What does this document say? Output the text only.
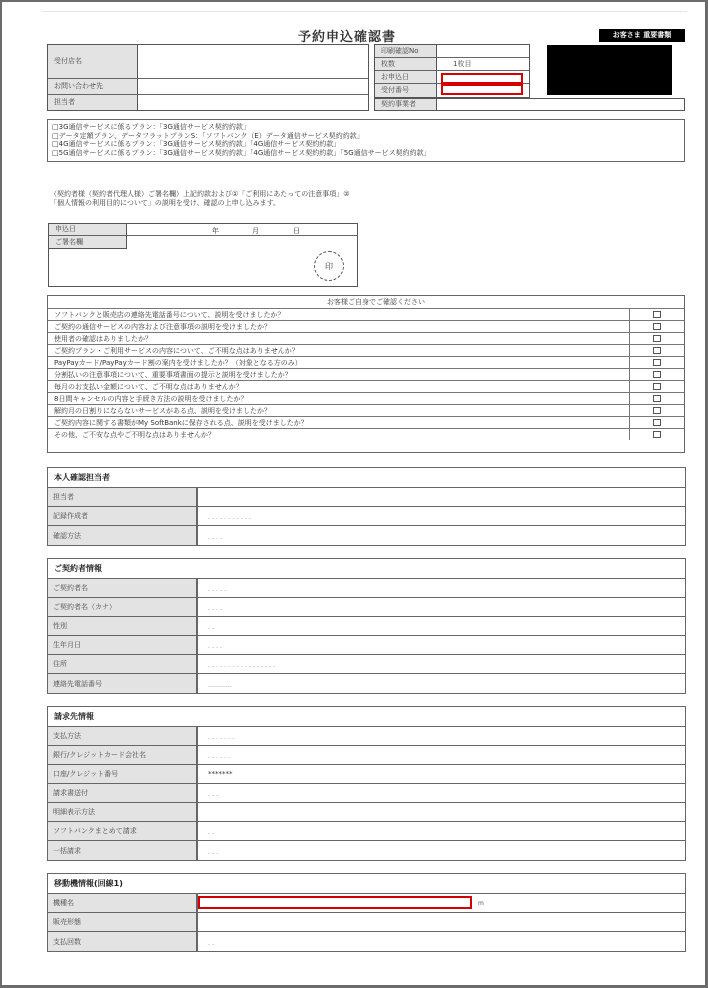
予約申込確認書	お客さま 重要書類
受付店名
お問い合わせ先
担当者
印刷確認No
枚数	1枚目
お申込日
受付番号
契約事業者
□3G通信サービスに係るプラン：「3G通信サービス契約約款」
□データ定額プラン、データフラットプランS：「ソフトバンク（E）データ通信サービス契約約款」
□4G通信サービスに係るプラン：「3G通信サービス契約約款」「4G通信サービス契約約款」
□5G通信サービスに係るプラン：「3G通信サービス契約約款」「4G通信サービス契約約款」「5G通信サービス契約約款」
（契約者様（契約者代理人様）ご署名欄）上記約款および①「ご利用にあたっての注意事項」②「個人情報の利用目的について」の説明を受け、確認の上申し込みます。
申込日	年	月	日
ご署名欄
印
お客様ご自身でご確認ください
ソフトバンクと販売店の連絡先電話番号について、説明を受けましたか？
ご契約の通信サービスの内容および注意事項の説明を受けましたか？
使用者の確認はありましたか？
ご契約プラン・ご利用サービスの内容について、ご不明な点はありませんか？
PayPayカード/PayPayカード割の案内を受けましたか？（対象となる方のみ）
分割払いの注意事項について、重要事項書面の提示と説明を受けましたか？
毎月のお支払い金額について、ご不明な点はありませんか？
8日間キャンセルの内容と手続き方法の説明を受けましたか？
解約月の日割りにならないサービスがある点、説明を受けましたか？
ご契約内容に関する書類がMy SoftBankに保存される点、説明を受けましたか？
その他、ご不安な点やご不明な点はありませんか？
本人確認担当者
担当者
記録作成者	- - - - - - - - - - -
確認方法	- - - -
ご契約者情報
ご契約者名	- - - - -
ご契約者名（カナ）	- - - -
性別	- -
生年月日	- - - -
住所	- - - - - - - - - - - - - - - - -
連絡先電話番号	-----------
請求先情報
支払方法	- - - - - - -
銀行/クレジットカード会社名	- - - - - -
口座/クレジット番号	*******
請求書送付	- - -
明細表示方法
ソフトバンクまとめて請求	- -
一括請求	- - -
移動機情報(回線1)
機種名	m
販売形態
支払回数	- -
